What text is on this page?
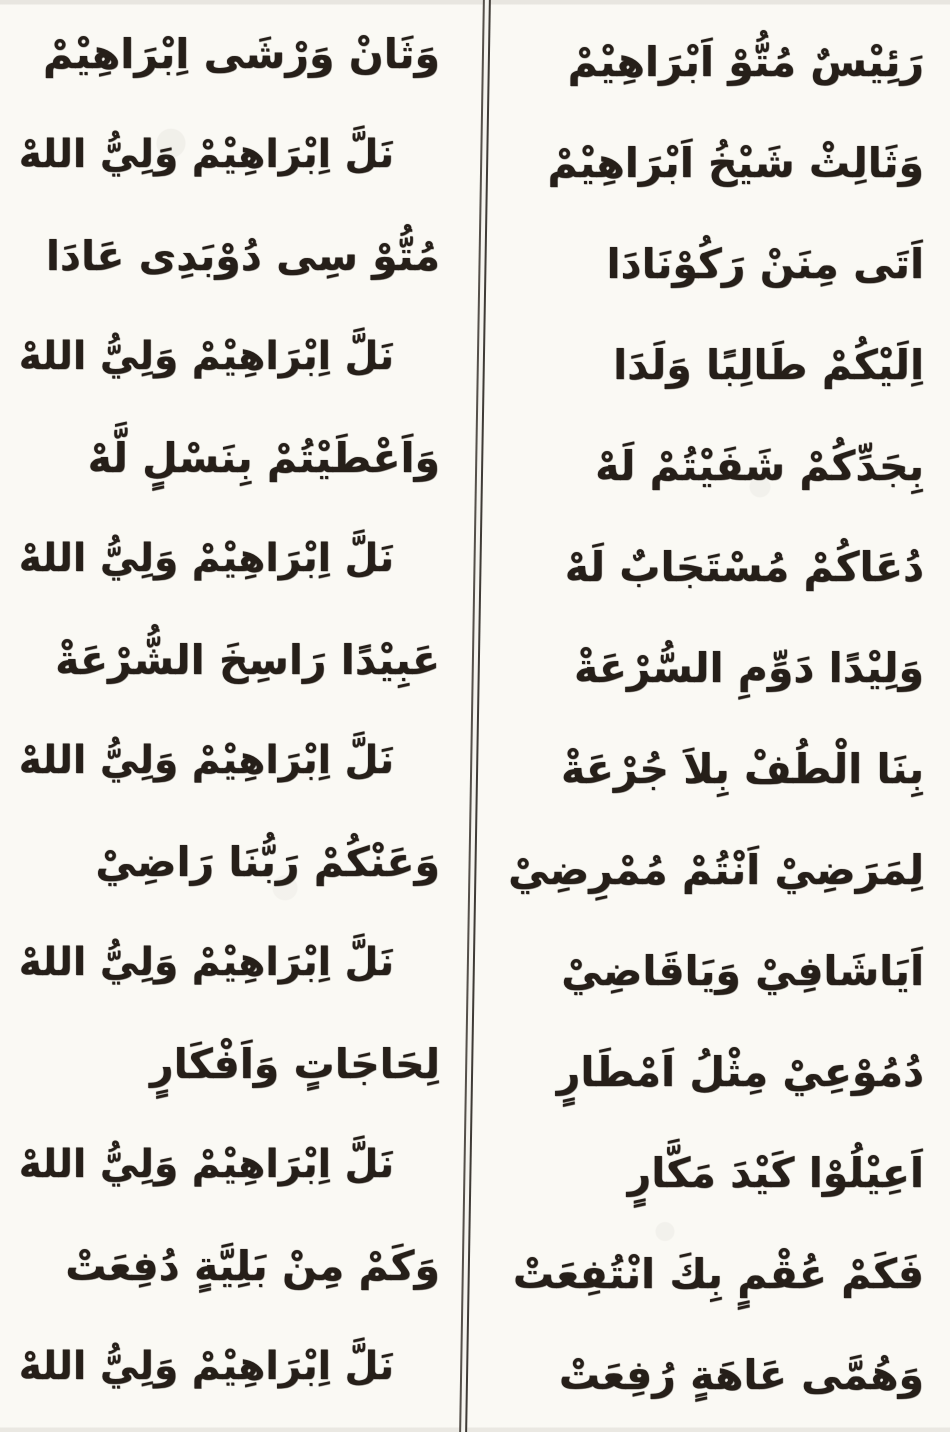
رَئِيْسٌ مُتُّوْ اَبْرَاهِيْمْ
وَثَالِثْ شَيْخُ اَبْرَاهِيْمْ
اَتَى مِنَنْ رَكُوْنَادَا
اِلَيْكُمْ طَالِبًا وَلَدَا
بِجَدِّكُمْ شَفَيْتُمْ لَهْ
دُعَاكُمْ مُسْتَجَابٌ لَهْ
وَلِيْدًا دَوِّمِ السُّرْعَةْ
بِنَا الْطُفْ بِلاَ جُرْعَةْ
لِمَرَضِيْ اَنْتُمْ مُمْرِضِيْ
اَيَاشَافِيْ وَيَاقَاضِيْ
دُمُوْعِيْ مِثْلُ اَمْطَارٍ
اَعِيْلُوْا كَيْدَ مَكَّارٍ
فَكَمْ عُقْمٍ بِكَ انْتُفِعَتْ
وَهُمَّى عَاهَةٍ رُفِعَتْ
وَثَانْ وَرْشَى اِبْرَاهِيْمْ
نَلَّ اِبْرَاهِيْمْ وَلِيُّ اللهْ
مُتُّوْ سِى دُوْبَدِى عَادَا
نَلَّ اِبْرَاهِيْمْ وَلِيُّ اللهْ
وَاَعْطَيْتُمْ بِنَسْلٍ لَّهْ
نَلَّ اِبْرَاهِيْمْ وَلِيُّ اللهْ
عَبِيْدًا رَاسِخَ الشُّرْعَةْ
نَلَّ اِبْرَاهِيْمْ وَلِيُّ اللهْ
وَعَنْكُمْ رَبُّنَا رَاضِيْ
نَلَّ اِبْرَاهِيْمْ وَلِيُّ اللهْ
لِحَاجَاتٍ وَاَفْكَارٍ
نَلَّ اِبْرَاهِيْمْ وَلِيُّ اللهْ
وَكَمْ مِنْ بَلِيَّةٍ دُفِعَتْ
نَلَّ اِبْرَاهِيْمْ وَلِيُّ اللهْ
